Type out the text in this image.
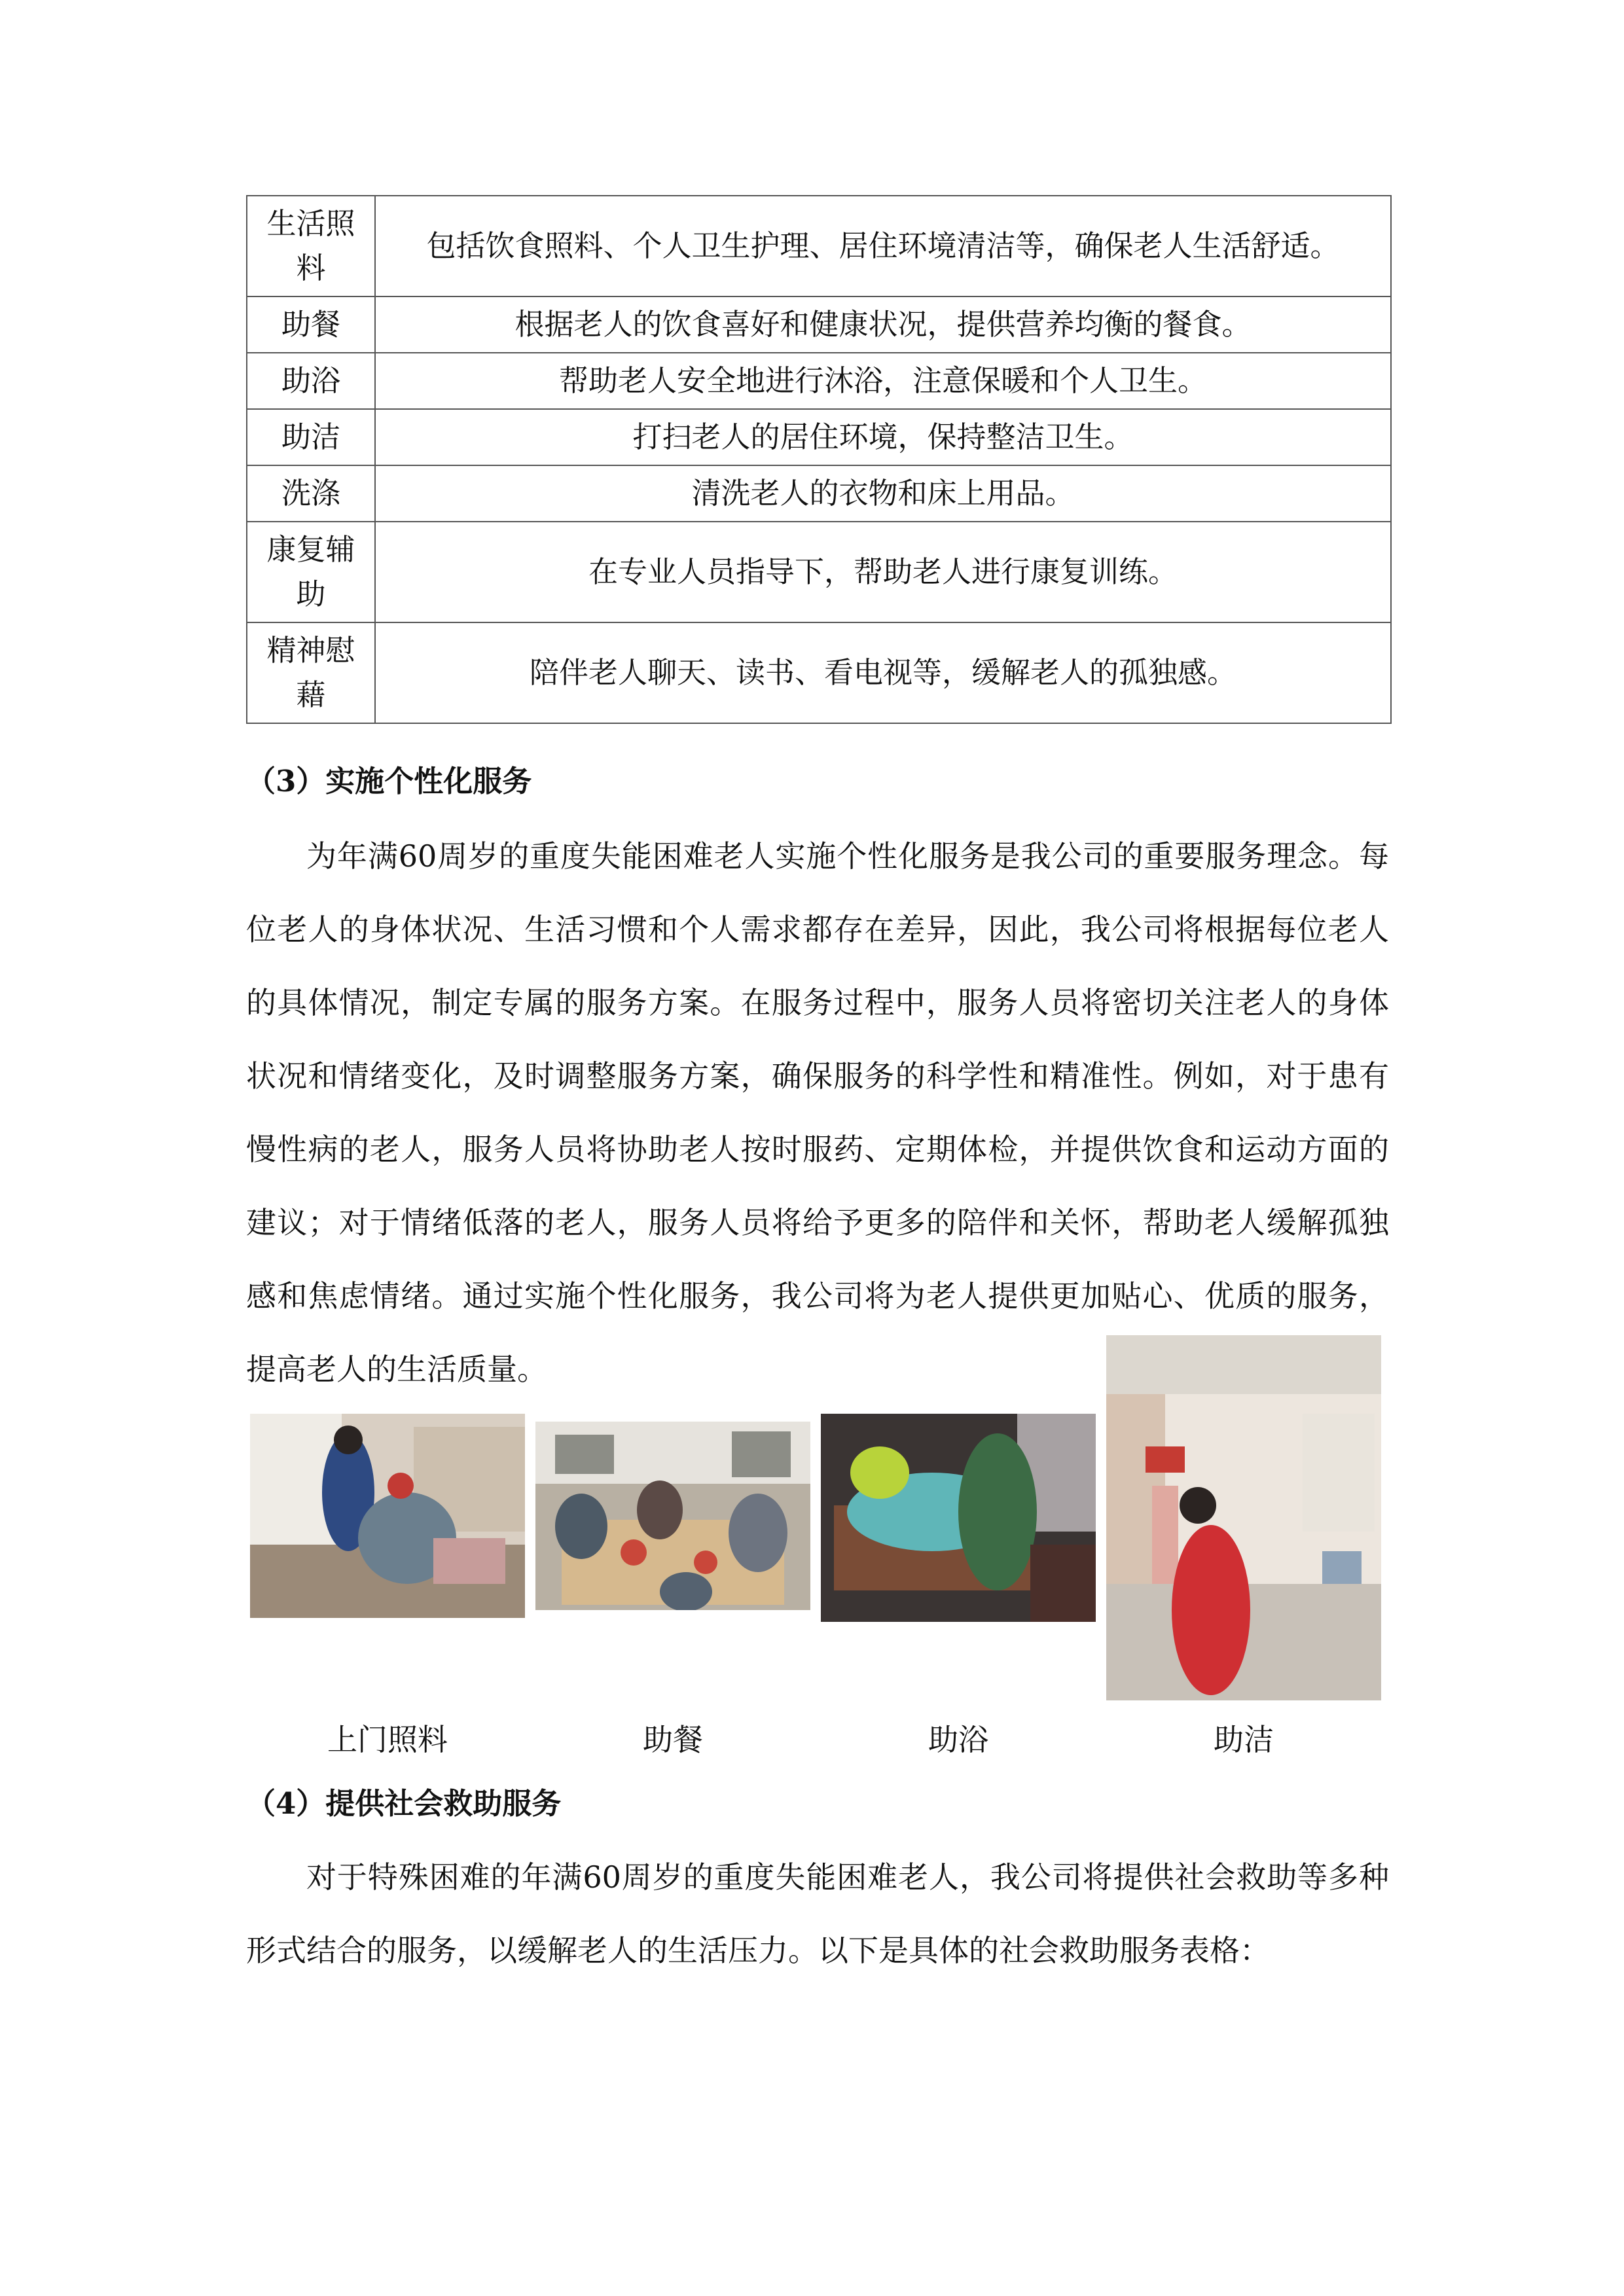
生活照料	包括饮食照料、个人卫生护理、居住环境清洁等，确保老人生活舒适。
助餐	根据老人的饮食喜好和健康状况，提供营养均衡的餐食。
助浴	帮助老人安全地进行沐浴，注意保暖和个人卫生。
助洁	打扫老人的居住环境，保持整洁卫生。
洗涤	清洗老人的衣物和床上用品。
康复辅助	在专业人员指导下，帮助老人进行康复训练。
精神慰藉	陪伴老人聊天、读书、看电视等，缓解老人的孤独感。
（3）实施个性化服务

为年满60周岁的重度失能困难老人实施个性化服务是我公司的重要服务理念。每位老人的身体状况、生活习惯和个人需求都存在差异，因此，我公司将根据每位老人的具体情况，制定专属的服务方案。在服务过程中，服务人员将密切关注老人的身体状况和情绪变化，及时调整服务方案，确保服务的科学性和精准性。例如，对于患有慢性病的老人，服务人员将协助老人按时服药、定期体检，并提供饮食和运动方面的建议；对于情绪低落的老人，服务人员将给予更多的陪伴和关怀，帮助老人缓解孤独感和焦虑情绪。通过实施个性化服务，我公司将为老人提供更加贴心、优质的服务，提高老人的生活质量。

上门照料	助餐	助浴	助洁
（4）提供社会救助服务

对于特殊困难的年满60周岁的重度失能困难老人，我公司将提供社会救助等多种形式结合的服务，以缓解老人的生活压力。以下是具体的社会救助服务表格：
